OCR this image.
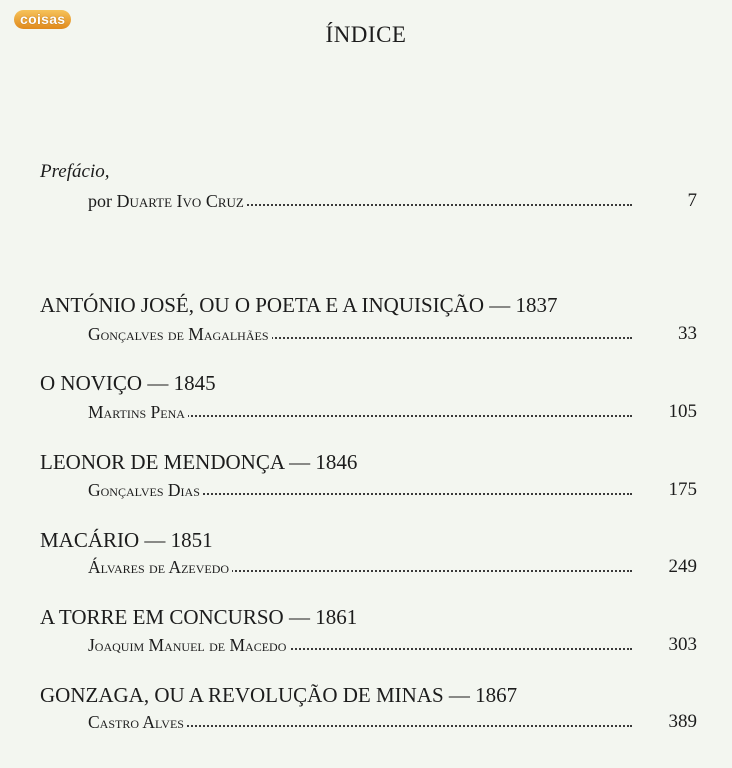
coisas
ÍNDICE
Prefácio,
por Duarte Ivo Cruz	7
ANTÓNIO JOSÉ, OU O POETA E A INQUISIÇÃO — 1837
Gonçalves de Magalhães	33
O NOVIÇO — 1845
Martins Pena	105
LEONOR DE MENDONÇA — 1846
Gonçalves Dias	175
MACÁRIO — 1851
Álvares de Azevedo	249
A TORRE EM CONCURSO — 1861
Joaquim Manuel de Macedo	303
GONZAGA, OU A REVOLUÇÃO DE MINAS — 1867
Castro Alves	389
